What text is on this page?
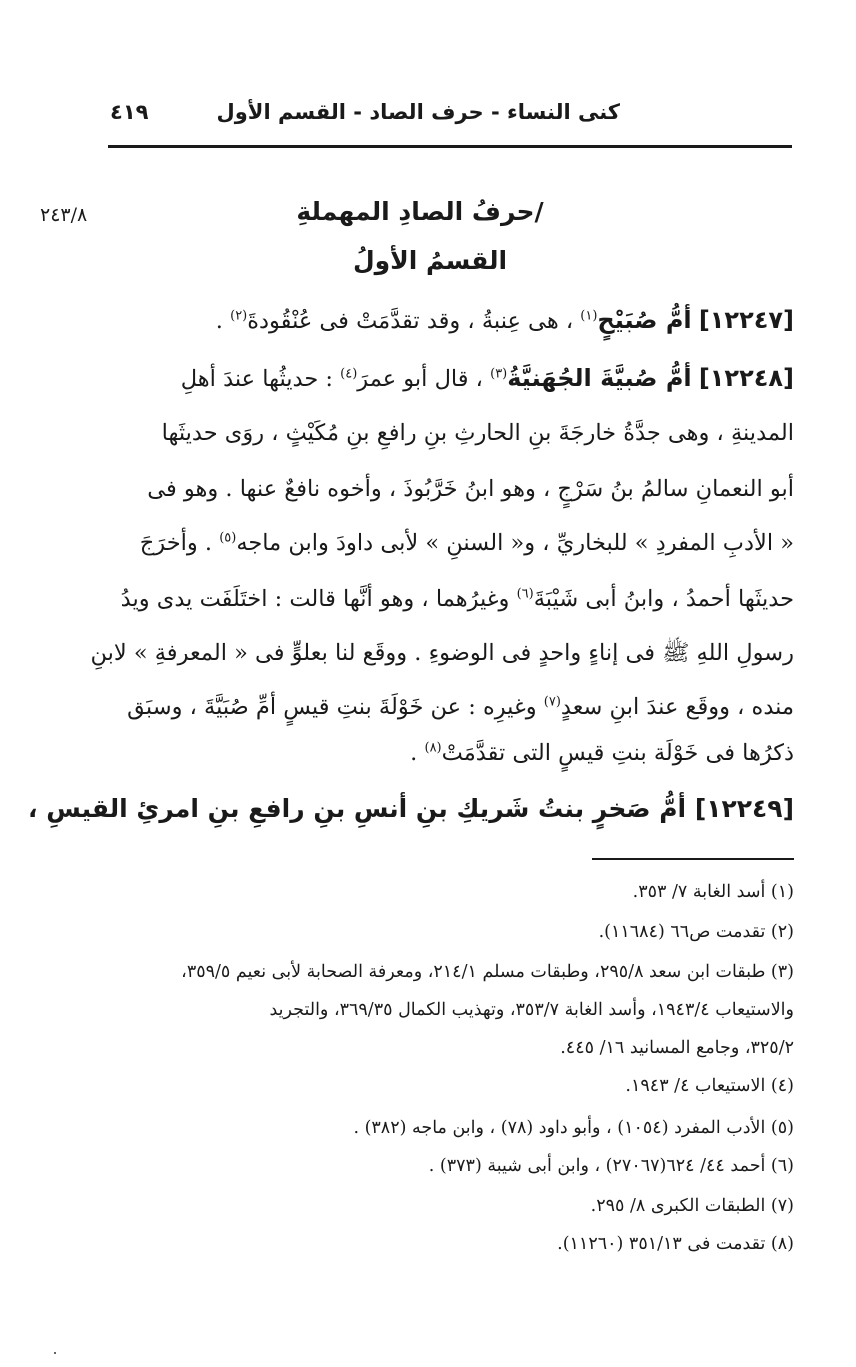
كنى النساء - حرف الصاد - القسم الأول
٤١٩
٢٤٣/٨	/حرفُ الصادِ المهملةِ
القسمُ الأولُ
[١٢٢٤٧] أمُّ صُبَيْحٍ$^{(١)}$ ، هى عِنبةُ ، وقد تقدَّمَتْ فى عُنْقُودةَ$^{(٢)}$ .
[١٢٢٤٨] أمُّ صُبيَّةَ الجُهَنيَّةُ$^{(٣)}$ ، قال أبو عمرَ$^{(٤)}$ : حديثُها عندَ أهلِ
المدينةِ ، وهى جدَّةُ خارجَةَ بنِ الحارثِ بنِ رافعِ بنِ مُكَيْثٍ ، روَى حديثَها
أبو النعمانِ سالمُ بنُ سَرْجٍ ، وهو ابنُ خَرَّبُوذَ ، وأخوه نافعٌ عنها . وهو فى
« الأدبِ المفردِ » للبخاريِّ ، و« السننِ » لأبى داودَ وابن ماجه$^{(٥)}$ . وأخرَجَ
حديثَها أحمدُ ، وابنُ أبى شَيْبَةَ$^{(٦)}$ وغيرُهما ، وهو أنَّها قالت : اختَلَفَت يدى ويدُ
رسولِ اللهِ ﷺ فى إناءٍ واحدٍ فى الوضوءِ . ووقَع لنا بعلوٍّ فى « المعرفةِ » لابنِ
منده ، ووقَع عندَ ابنِ سعدٍ$^{(٧)}$ وغيرِه : عن خَوْلَةَ بنتِ قيسٍ أمِّ صُبَيَّةَ ، وسبَق
ذكرُها فى خَوْلَة بنتِ قيسٍ التى تقدَّمَتْ$^{(٨)}$ .
[١٢٢٤٩] أمُّ صَخرٍ بنتُ شَريكِ بنِ أنسِ بنِ رافعِ بنِ امرئِ القيسِ ،
(١) أسد الغابة ٧/ ٣٥٣.
(٢) تقدمت ص٦٦ (١١٦٨٤).
(٣) طبقات ابن سعد ٢٩٥/٨، وطبقات مسلم ٢١٤/١، ومعرفة الصحابة لأبى نعيم ٣٥٩/٥،
والاستيعاب ١٩٤٣/٤، وأسد الغابة ٣٥٣/٧، وتهذيب الكمال ٣٦٩/٣٥، والتجريد
٣٢٥/٢، وجامع المسانيد ١٦/ ٤٤٥.
(٤) الاستيعاب ٤/ ١٩٤٣.
(٥) الأدب المفرد (١٠٥٤) ، وأبو داود (٧٨) ، وابن ماجه (٣٨٢) .
(٦) أحمد ٤٤/ ٦٢٤(٢٧٠٦٧) ، وابن أبى شيبة (٣٧٣) .
(٧) الطبقات الكبرى ٨/ ٢٩٥.
(٨) تقدمت فى ٣٥١/١٣ (١١٢٦٠).
